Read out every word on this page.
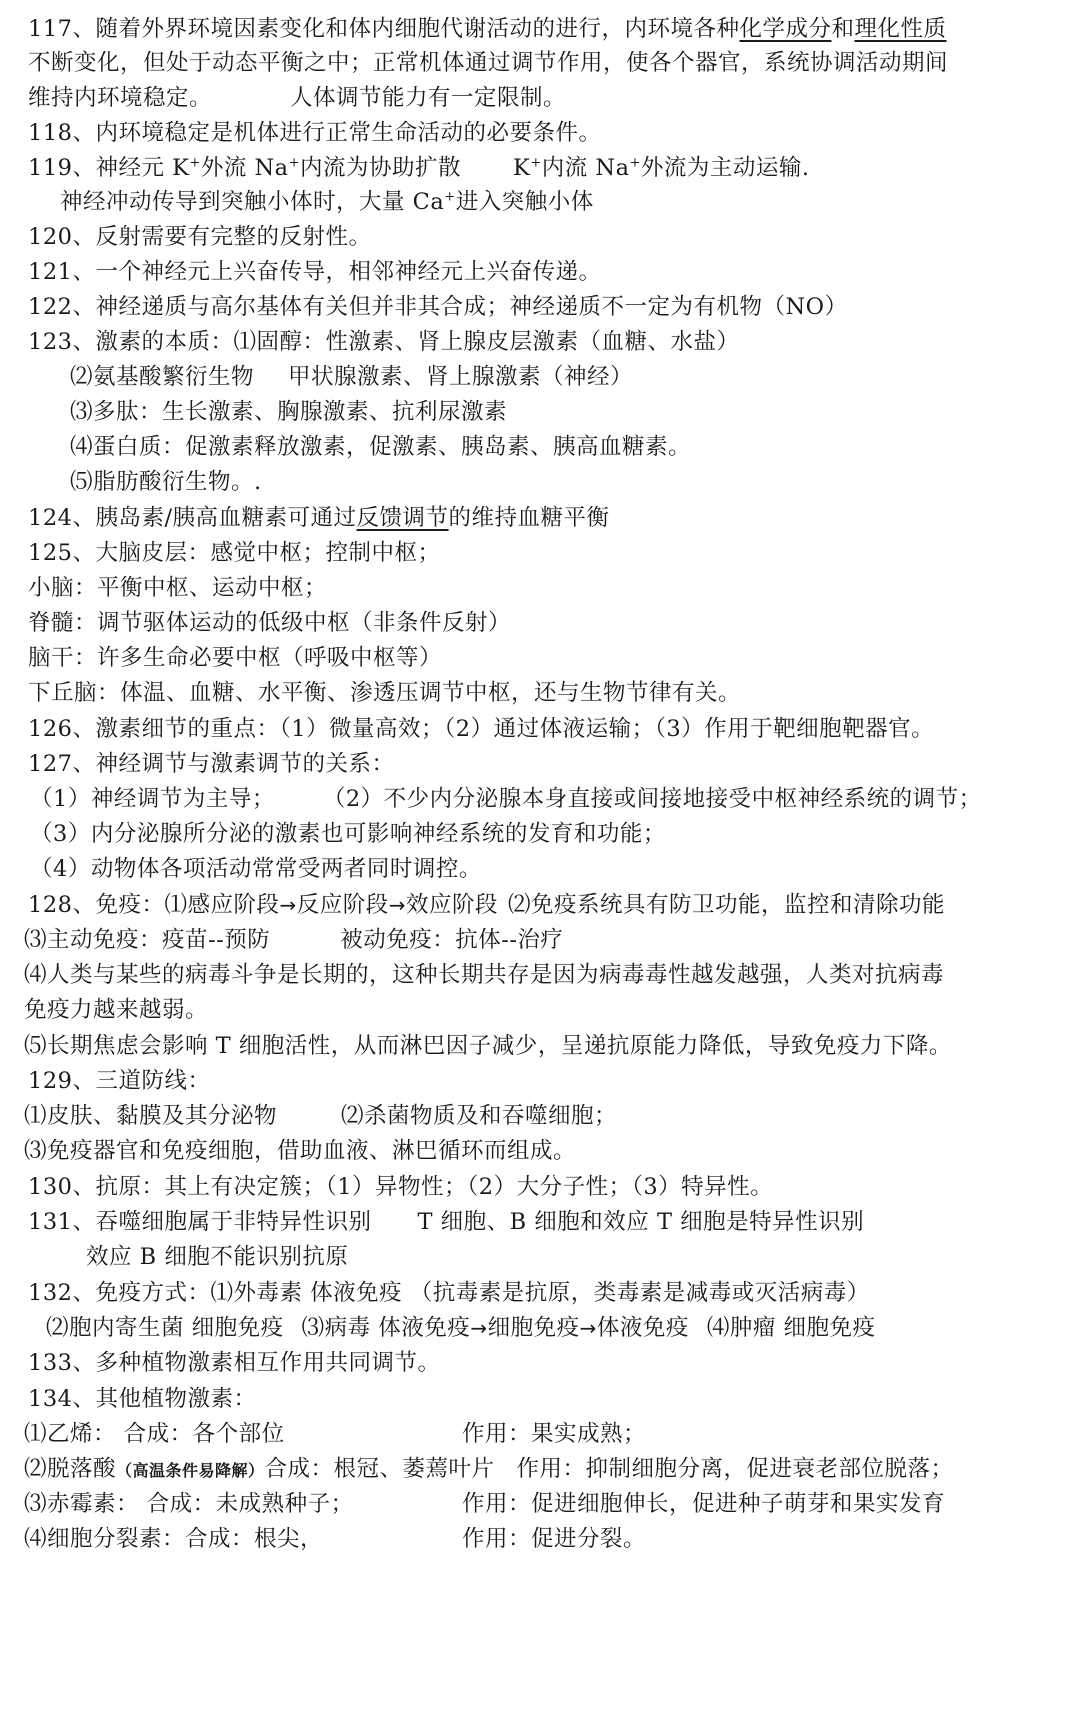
117、随着外界环境因素变化和体内细胞代谢活动的进行，内环境各种化学成分和理化性质
不断变化，但处于动态平衡之中；正常机体通过调节作用，使各个器官，系统协调活动期间
维持内环境稳定。	人体调节能力有一定限制。
118、内环境稳定是机体进行正常生命活动的必要条件。
119、神经元 K+外流 Na+内流为协助扩散 K+内流 Na+外流为主动运输.
神经冲动传导到突触小体时，大量 Ca+进入突触小体
120、反射需要有完整的反射性。
121、一个神经元上兴奋传导，相邻神经元上兴奋传递。
122、神经递质与高尔基体有关但并非其合成；神经递质不一定为有机物（NO）
123、激素的本质：⑴固醇：性激素、肾上腺皮层激素（血糖、水盐）
⑵氨基酸繁衍生物 甲状腺激素、肾上腺激素（神经）
⑶多肽：生长激素、胸腺激素、抗利尿激素
⑷蛋白质：促激素释放激素，促激素、胰岛素、胰高血糖素。
⑸脂肪酸衍生物。.
124、胰岛素/胰高血糖素可通过反馈调节的维持血糖平衡
125、大脑皮层：感觉中枢；控制中枢；
小脑：平衡中枢、运动中枢；
脊髓：调节驱体运动的低级中枢（非条件反射）
脑干：许多生命必要中枢（呼吸中枢等）
下丘脑：体温、血糖、水平衡、渗透压调节中枢，还与生物节律有关。
126、激素细节的重点：（1）微量高效；（2）通过体液运输；（3）作用于靶细胞靶器官。
127、神经调节与激素调节的关系：
（1）神经调节为主导； （2）不少内分泌腺本身直接或间接地接受中枢神经系统的调节；
（3）内分泌腺所分泌的激素也可影响神经系统的发育和功能；
（4）动物体各项活动常常受两者同时调控。
128、免疫：⑴感应阶段→反应阶段→效应阶段 ⑵免疫系统具有防卫功能，监控和清除功能
⑶主动免疫：疫苗--预防	被动免疫：抗体--治疗
⑷人类与某些的病毒斗争是长期的，这种长期共存是因为病毒毒性越发越强，人类对抗病毒
免疫力越来越弱。
⑸长期焦虑会影响 T 细胞活性，从而淋巴因子减少，呈递抗原能力降低，导致免疫力下降。
129、三道防线：
⑴皮肤、黏膜及其分泌物	⑵杀菌物质及和吞噬细胞；
⑶免疫器官和免疫细胞，借助血液、淋巴循环而组成。
130、抗原：其上有决定簇；（1）异物性；（2）大分子性；（3）特异性。
131、吞噬细胞属于非特异性识别 T 细胞、B 细胞和效应 T 细胞是特异性识别
效应 B 细胞不能识别抗原
132、免疫方式：⑴外毒素 体液免疫 （抗毒素是抗原，类毒素是减毒或灭活病毒）
⑵胞内寄生菌 细胞免疫 ⑶病毒 体液免疫→细胞免疫→体液免疫 ⑷肿瘤 细胞免疫
133、多种植物激素相互作用共同调节。
134、其他植物激素：
⑴乙烯： 合成：各个部位	作用：果实成熟；
⑵脱落酸（高温条件易降解）合成：根冠、萎蔫叶片 作用：抑制细胞分离，促进衰老部位脱落；
⑶赤霉素： 合成：未成熟种子；	作用：促进细胞伸长，促进种子萌芽和果实发育
⑷细胞分裂素：合成：根尖，	作用：促进分裂。
